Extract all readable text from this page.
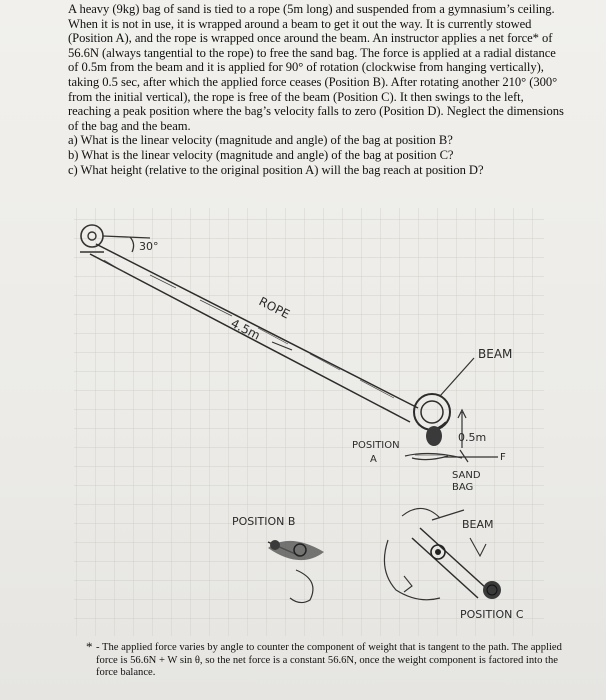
A heavy (9kg) bag of sand is tied to a rope (5m long) and suspended from a gymnasium’s ceiling. When it is not in use, it is wrapped around a beam to get it out the way. It is currently stowed (Position A), and the rope is wrapped once around the beam. An instructor applies a net force* of 56.6N (always tangential to the rope) to free the sand bag. The force is applied at a radial distance of 0.5m from the beam and it is applied for 90° of rotation (clockwise from hanging vertically), taking 0.5 sec, after which the applied force ceases (Position B). After rotating another 210° (300° from the initial vertical), the rope is free of the beam (Position C). It then swings to the left, reaching a peak position where the bag’s velocity falls to zero (Position D). Neglect the dimensions of the bag and the beam.

a) What is the linear velocity (magnitude and angle) of the bag at position B?

b) What is the linear velocity (magnitude and angle) of the bag at position C?

c) What height (relative to the original position A) will the bag reach at position D?

30°
ROPE
4.5m
BEAM
0.5m
F
SAND
BAG
POSITION
A
POSITION B	BEAM
POSITION C
* - The applied force varies by angle to counter the component of weight that is tangent to the path. The applied force is 56.6N + W sin θ, so the net force is a constant 56.6N, once the weight component is factored into the force balance.
